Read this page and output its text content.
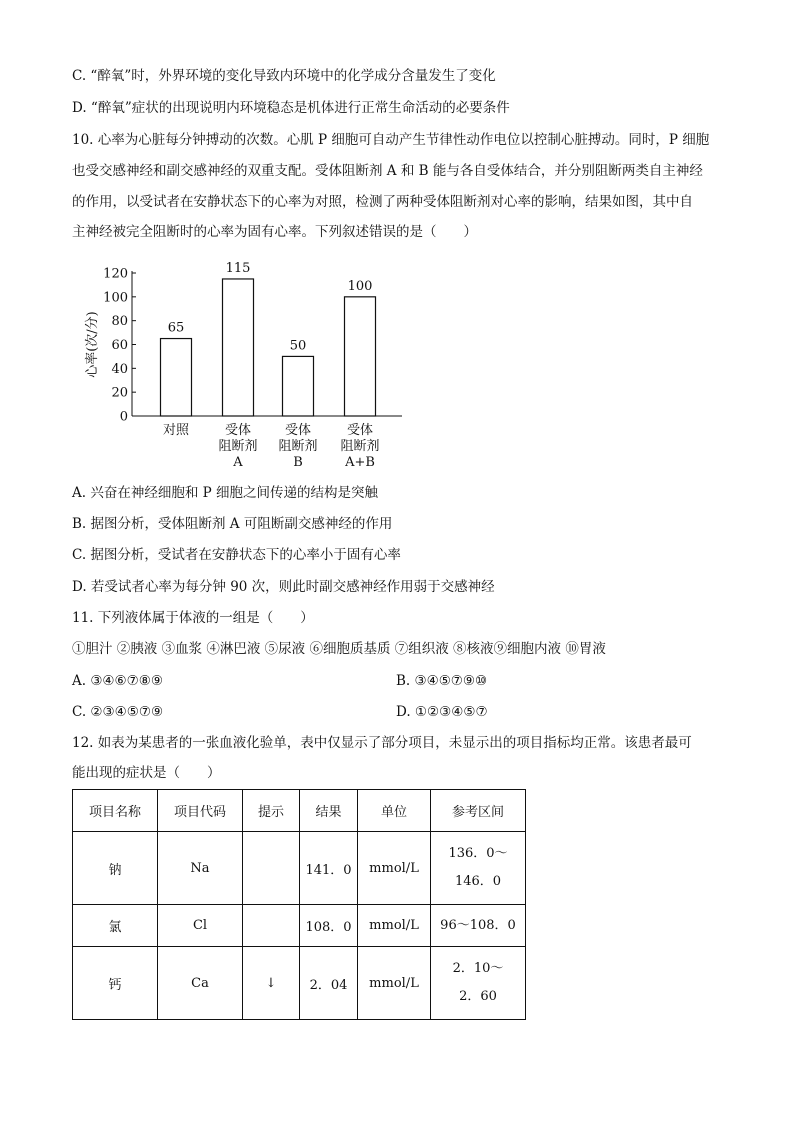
C. “醉氧”时，外界环境的变化导致内环境中的化学成分含量发生了变化
D. “醉氧”症状的出现说明内环境稳态是机体进行正常生命活动的必要条件
10. 心率为心脏每分钟搏动的次数。心肌 P 细胞可自动产生节律性动作电位以控制心脏搏动。同时，P 细胞
也受交感神经和副交感神经的双重支配。受体阻断剂 A 和 B 能与各自受体结合，并分别阻断两类自主神经
的作用，以受试者在安静状态下的心率为对照，检测了两种受体阻断剂对心率的影响，结果如图，其中自
主神经被完全阻断时的心率为固有心率。下列叙述错误的是（　　）
0
20
40
60
80
100
120
心率(次/分)	65
对照
115
受体
阻断剂
A
50
受体
阻断剂
B
100
受体
阻断剂
A+B
A. 兴奋在神经细胞和 P 细胞之间传递的结构是突触
B. 据图分析，受体阻断剂 A 可阻断副交感神经的作用
C. 据图分析，受试者在安静状态下的心率小于固有心率
D. 若受试者心率为每分钟 90 次，则此时副交感神经作用弱于交感神经
11. 下列液体属于体液的一组是（　　）
①胆汁 ②胰液 ③血浆 ④淋巴液 ⑤尿液 ⑥细胞质基质 ⑦组织液 ⑧核液⑨细胞内液 ⑩胃液
A. ③④⑥⑦⑧⑨	B. ③④⑤⑦⑨⑩
C. ②③④⑤⑦⑨	D. ①②③④⑤⑦
12. 如表为某患者的一张血液化验单，表中仅显示了部分项目，未显示出的项目指标均正常。该患者最可
能出现的症状是（　　）
项目名称	项目代码	提示	结果	单位	参考区间
钠	Na		141．0	mmol/L	136．0～
146．0

氯	Cl		108．0	mmol/L	96～108．0

钙	Ca	↓	2．04	mmol/L	2．10～
2．60
